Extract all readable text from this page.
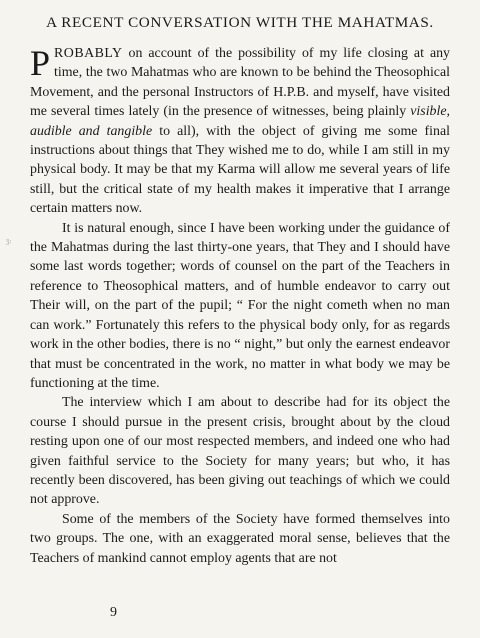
A RECENT CONVERSATION WITH THE MAHATMAS.
ʒ:

PROBABLY on account of the possibility of my life closing at any time, the two Mahatmas who are known to be behind the Theosophical Movement, and the personal Instructors of H.P.B. and myself, have visited me several times lately (in the presence of witnesses, being plainly visible, audible and tangible to all), with the object of giving me some final instructions about things that They wished me to do, while I am still in my physical body. It may be that my Karma will allow me several years of life still, but the critical state of my health makes it imperative that I arrange certain matters now.

It is natural enough, since I have been working under the guidance of the Mahatmas during the last thirty-one years, that They and I should have some last words together; words of counsel on the part of the Teachers in reference to Theosophical matters, and of humble endeavor to carry out Their will, on the part of the pupil; “ For the night cometh when no man can work.” Fortunately this refers to the physical body only, for as regards work in the other bodies, there is no “ night,” but only the earnest endeavor that must be concentrated in the work, no matter in what body we may be functioning at the time.

The interview which I am about to describe had for its object the course I should pursue in the present crisis, brought about by the cloud resting upon one of our most respected members, and indeed one who had given faithful service to the Society for many years; but who, it has recently been discovered, has been giving out teachings of which we could not approve.

Some of the members of the Society have formed themselves into two groups. The one, with an exaggerated moral sense, believes that the Teachers of mankind cannot employ agents that are not

9
